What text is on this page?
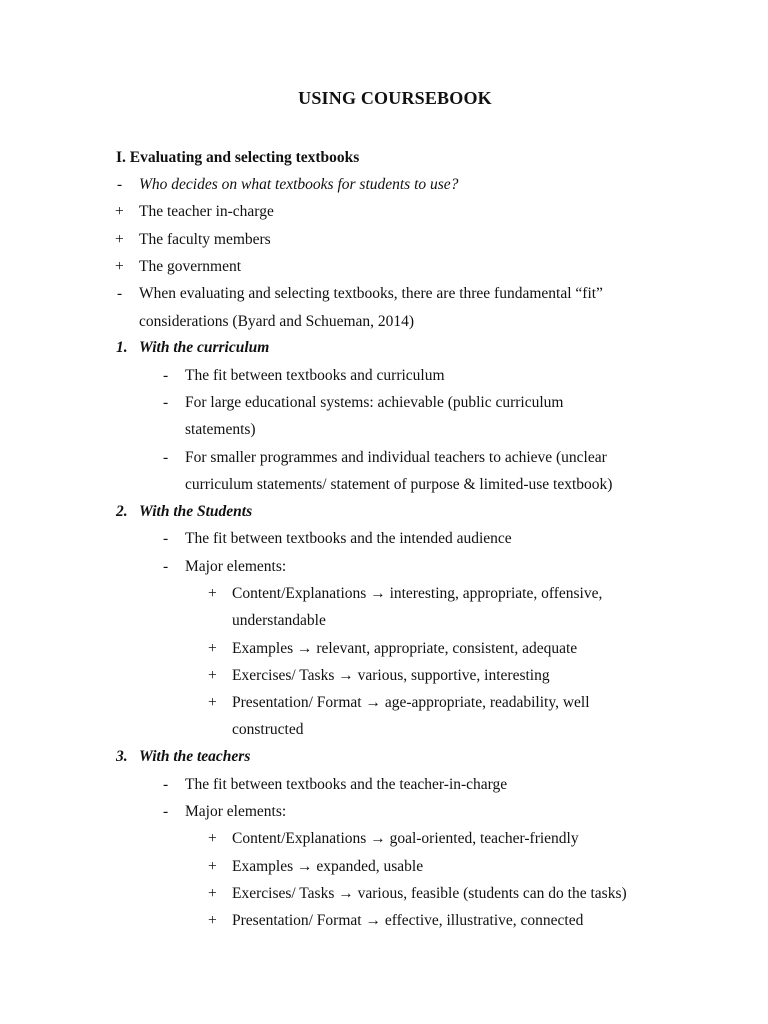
USING COURSEBOOK
I. Evaluating and selecting textbooks
- Who decides on what textbooks for students to use?
+ The teacher in-charge
+ The faculty members
+ The government
- When evaluating and selecting textbooks, there are three fundamental “fit”
considerations (Byard and Schueman, 2014)
1. With the curriculum
- The fit between textbooks and curriculum
- For large educational systems: achievable (public curriculum
statements)
- For smaller programmes and individual teachers to achieve (unclear
curriculum statements/ statement of purpose & limited-use textbook)
2. With the Students
- The fit between textbooks and the intended audience
- Major elements:
+ Content/Explanations → interesting, appropriate, offensive,
understandable
+ Examples → relevant, appropriate, consistent, adequate
+ Exercises/ Tasks → various, supportive, interesting
+ Presentation/ Format → age-appropriate, readability, well
constructed
3. With the teachers
- The fit between textbooks and the teacher-in-charge
- Major elements:
+ Content/Explanations → goal-oriented, teacher-friendly
+ Examples → expanded, usable
+ Exercises/ Tasks → various, feasible (students can do the tasks)
+ Presentation/ Format → effective, illustrative, connected
